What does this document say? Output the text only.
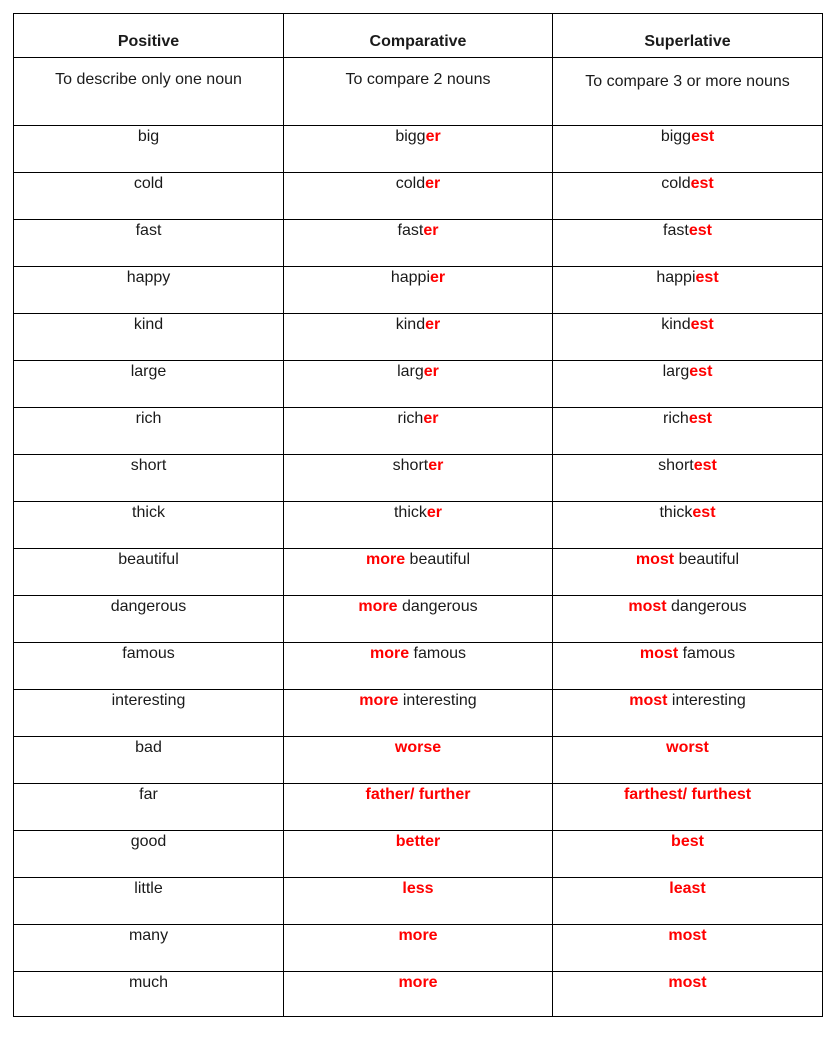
Positive	Comparative	Superlative
To describe only one noun	To compare 2 nouns	To compare 3 or more nouns
big	bigger	biggest
cold	colder	coldest
fast	faster	fastest
happy	happier	happiest
kind	kinder	kindest
large	larger	largest
rich	richer	richest
short	shorter	shortest
thick	thicker	thickest
beautiful	more beautiful	most beautiful
dangerous	more dangerous	most dangerous
famous	more famous	most famous
interesting	more interesting	most interesting
bad	worse	worst
far	father/ further	farthest/ furthest
good	better	best
little	less	least
many	more	most
much	more	most
